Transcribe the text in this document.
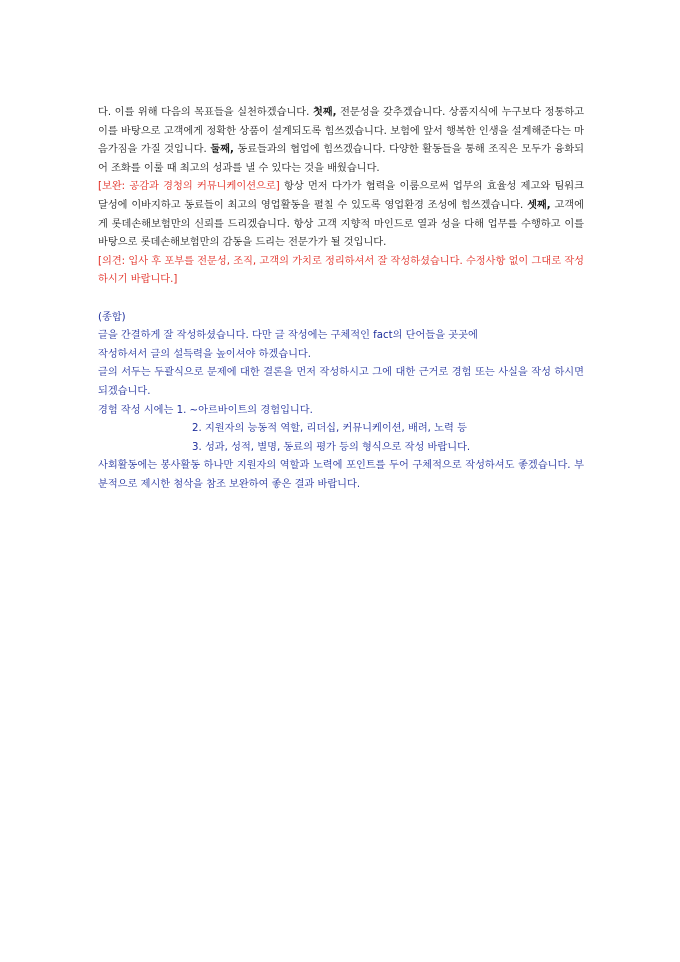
다. 이를 위해 다음의 목표들을 실천하겠습니다. 첫째, 전문성을 갖추겠습니다. 상품지식에 누구보다 정통하고 이를 바탕으로 고객에게 정확한 상품이 설계되도록 힘쓰겠습니다. 보험에 앞서 행복한 인생을 설계해준다는 마음가짐을 가질 것입니다. 둘째, 동료들과의 협업에 힘쓰겠습니다. 다양한 활동들을 통해 조직은 모두가 융화되어 조화를 이룰 때 최고의 성과를 낼 수 있다는 것을 배웠습니다.

[보완: 공감과 경청의 커뮤니케이션으로] 항상 먼저 다가가 협력을 이룸으로써 업무의 효율성 제고와 팀워크 달성에 이바지하고 동료들이 최고의 영업활동을 펼칠 수 있도록 영업환경 조성에 힘쓰겠습니다. 셋째, 고객에게 롯데손해보험만의 신뢰를 드리겠습니다. 항상 고객 지향적 마인드로 열과 성을 다해 업무를 수행하고 이를 바탕으로 롯데손해보험만의 감동을 드리는 전문가가 될 것입니다.

[의견: 입사 후 포부를 전문성, 조직, 고객의 가치로 정리하셔서 잘 작성하셨습니다. 수정사항 없이 그대로 작성하시기 바랍니다.]

(종합)
글을 간결하게 잘 작성하셨습니다. 다만 글 작성에는 구체적인 fact의 단어들을 곳곳에
작성하셔서 글의 설득력을 높이셔야 하겠습니다.

글의 서두는 두괄식으로 문제에 대한 결론을 먼저 작성하시고 그에 대한 근거로 경험 또는 사실을 작성 하시면 되겠습니다.

경험 작성 시에는 1. ~아르바이트의 경험입니다.
2. 지원자의 능동적 역할, 리더십, 커뮤니케이션, 배려, 노력 등
3. 성과, 성적, 별명, 동료의 평가 등의 형식으로 작성 바랍니다.

사회활동에는 봉사활동 하나만 지원자의 역할과 노력에 포인트를 두어 구체적으로 작성하셔도 좋겠습니다. 부분적으로 제시한 첨삭을 참조 보완하여 좋은 결과 바랍니다.
